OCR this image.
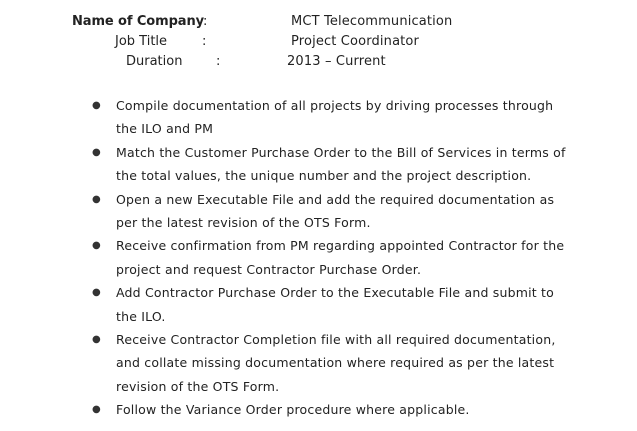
Name of Company :	MCT Telecommunication
Job Title	:	Project Coordinator
Duration	:	2013 – Current
● Compile documentation of all projects by driving processes through the ILO and PM
● Match the Customer Purchase Order to the Bill of Services in terms of the total values, the unique number and the project description.
● Open a new Executable File and add the required documentation as per the latest revision of the OTS Form.
● Receive confirmation from PM regarding appointed Contractor for the project and request Contractor Purchase Order.
● Add Contractor Purchase Order to the Executable File and submit to the ILO.
● Receive Contractor Completion file with all required documentation, and collate missing documentation where required as per the latest revision of the OTS Form.
● Follow the Variance Order procedure where applicable.
